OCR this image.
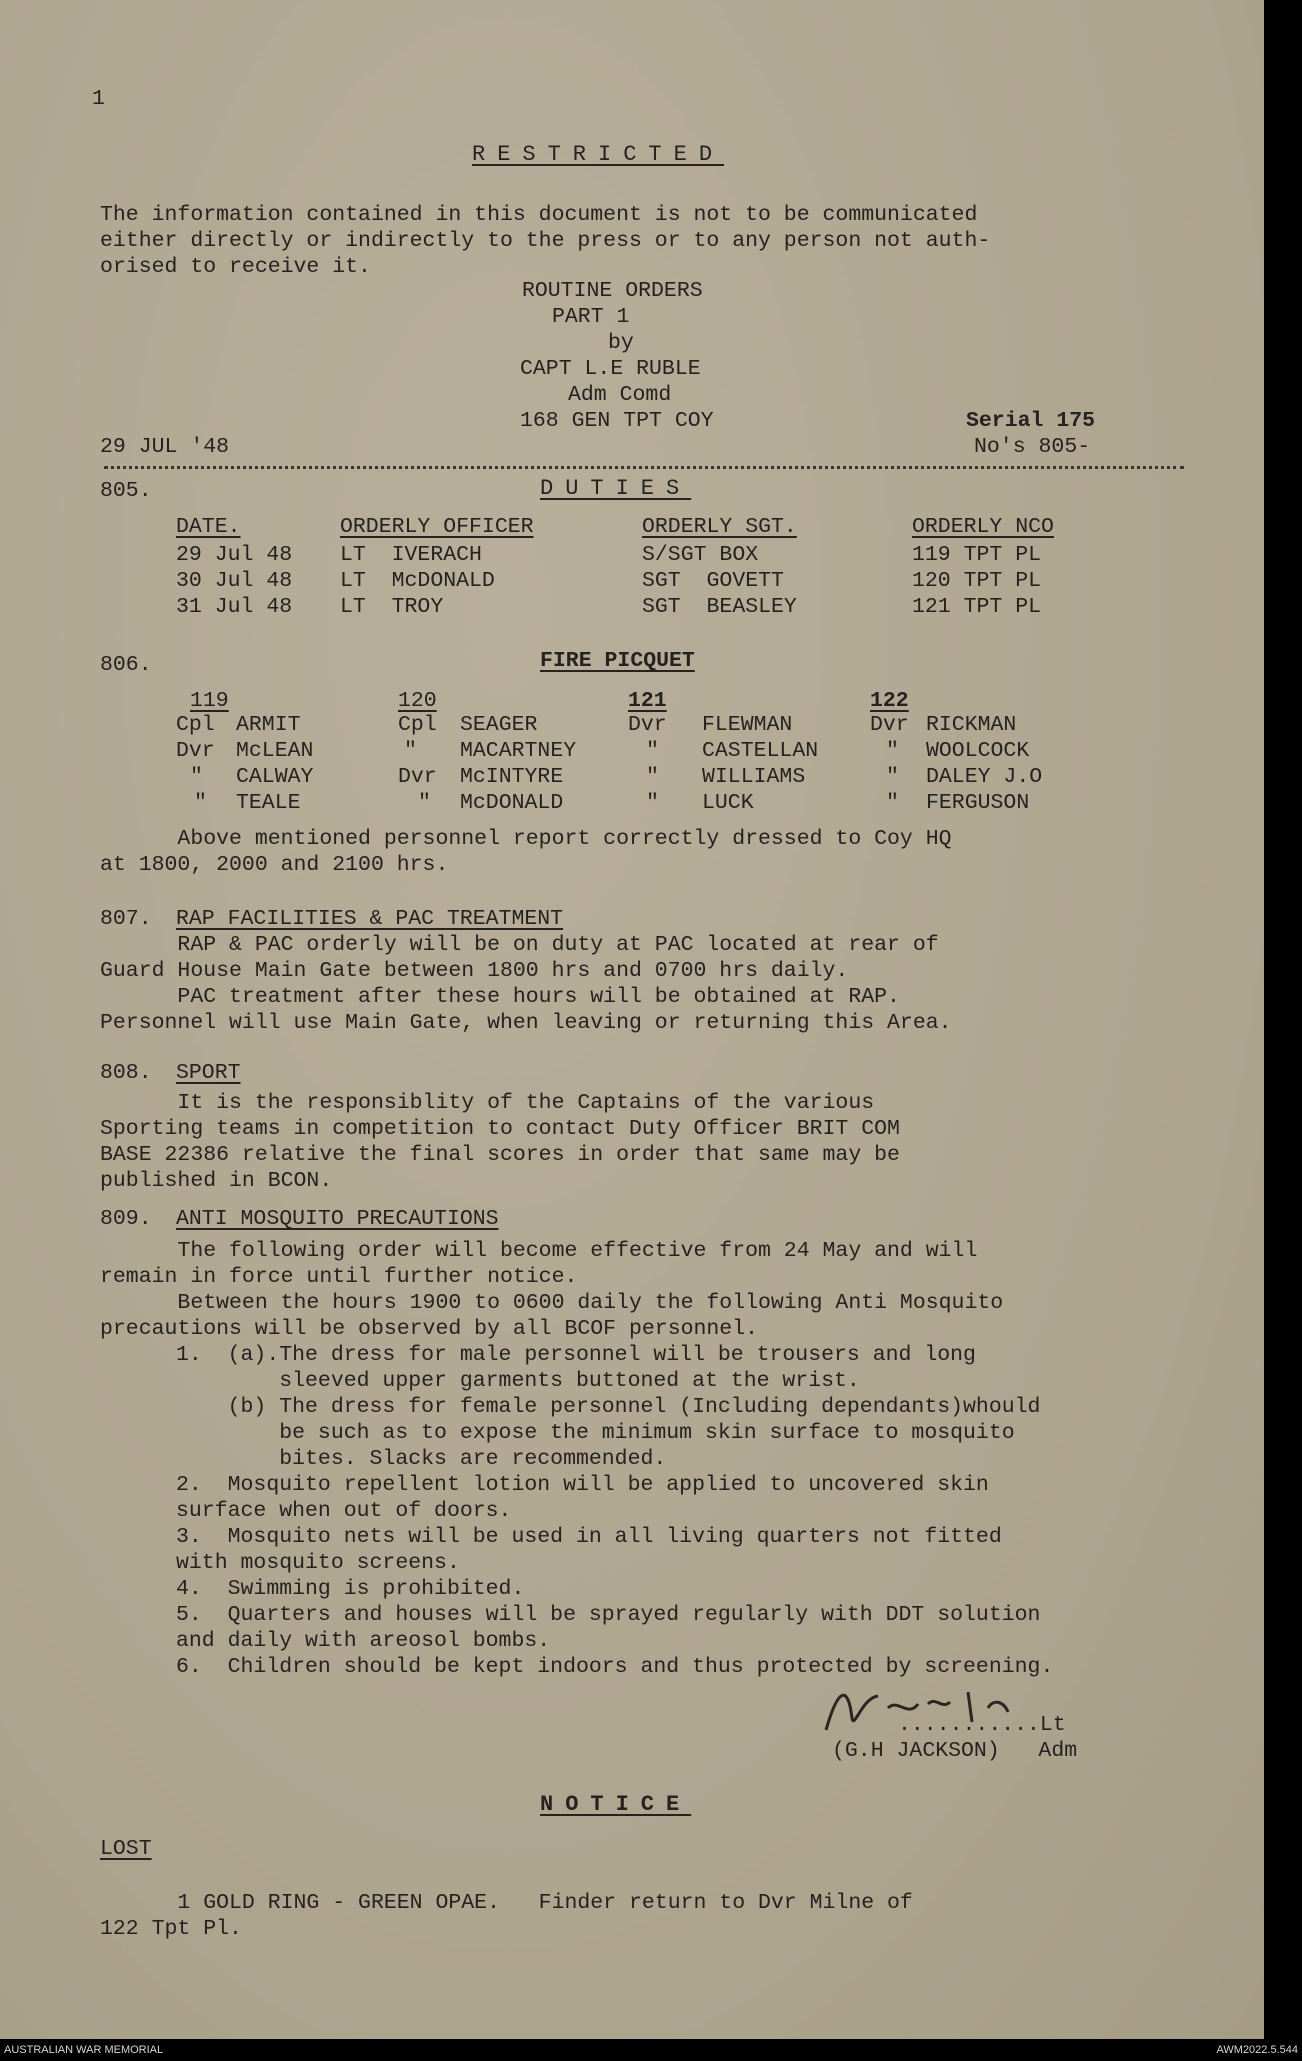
1
RESTRICTED
The information contained in this document is not to be communicated
either directly or indirectly to the press or to any person not auth-
orised to receive it.
ROUTINE ORDERS
PART 1
by
CAPT L.E RUBLE
Adm Comd
168 GEN TPT COY	Serial 175
No's 805-
29 JUL '48
805.	DUTIES
DATE.	ORDERLY OFFICER	ORDERLY SGT.	ORDERLY NCO
29 Jul 48 LT  IVERACH	S/SGT BOX	119 TPT PL
30 Jul 48 LT  McDONALD	SGT  GOVETT	120 TPT PL
31 Jul 48 LT  TROY	SGT  BEASLEY	121 TPT PL
806.	FIRE PICQUET
119	120	121	122
Cpl ARMIT	Cpl SEAGER	Dvr FLEWMAN	Dvr RICKMAN
Dvr McLEAN	" MACARTNEY	" CASTELLAN	" WOOLCOCK
" CALWAY	Dvr McINTYRE	" WILLIAMS	" DALEY J.O
" TEALE	" McDONALD	" LUCK	" FERGUSON
Above mentioned personnel report correctly dressed to Coy HQ
at 1800, 2000 and 2100 hrs.
807. RAP FACILITIES & PAC TREATMENT
RAP & PAC orderly will be on duty at PAC located at rear of
Guard House Main Gate between 1800 hrs and 0700 hrs daily.
PAC treatment after these hours will be obtained at RAP.
Personnel will use Main Gate, when leaving or returning this Area.
808. SPORT
It is the responsiblity of the Captains of the various
Sporting teams in competition to contact Duty Officer BRIT COM
BASE 22386 relative the final scores in order that same may be
published in BCON.
809. ANTI MOSQUITO PRECAUTIONS
The following order will become effective from 24 May and will
remain in force until further notice.
Between the hours 1900 to 0600 daily the following Anti Mosquito
precautions will be observed by all BCOF personnel.
1.  (a).The dress for male personnel will be trousers and long
sleeved upper garments buttoned at the wrist.
(b) The dress for female personnel (Including dependants)whould
be such as to expose the minimum skin surface to mosquito
bites. Slacks are recommended.
2.  Mosquito repellent lotion will be applied to uncovered skin
surface when out of doors.
3.  Mosquito nets will be used in all living quarters not fitted
with mosquito screens.
4.  Swimming is prohibited.
5.  Quarters and houses will be sprayed regularly with DDT solution
and daily with areosol bombs.
6.  Children should be kept indoors and thus protected by screening.
...........Lt
(G.H JACKSON)   Adm
NOTICE
LOST
1 GOLD RING - GREEN OPAE.   Finder return to Dvr Milne of
122 Tpt Pl.
AUSTRALIAN WAR MEMORIAL	AWM2022.5.544
